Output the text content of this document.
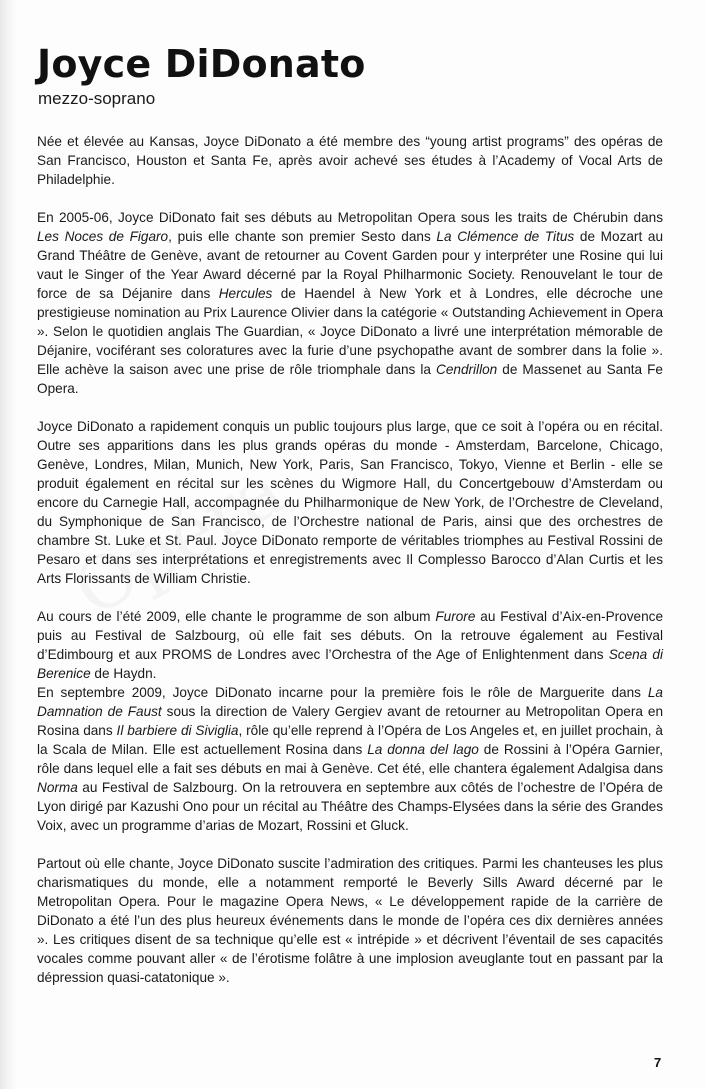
Joyce DiDonato
mezzo-soprano

Née et élevée au Kansas, Joyce DiDonato a été membre des “young artist programs” des opéras de San Francisco, Houston et Santa Fe, après avoir achevé ses études à l’Academy of Vocal Arts de Philadelphie.

En 2005-06, Joyce DiDonato fait ses débuts au Metropolitan Opera sous les traits de Chérubin dans Les Noces de Figaro, puis elle chante son premier Sesto dans La Clémence de Titus de Mozart au Grand Théâtre de Genève, avant de retourner au Covent Garden pour y interpréter une Rosine qui lui vaut le Singer of the Year Award décerné par la Royal Philharmonic Society. Renouvelant le tour de force de sa Déjanire dans Hercules de Haendel à New York et à Londres, elle décroche une prestigieuse nomination au Prix Laurence Olivier dans la catégorie « Outstanding Achievement in Opera ». Selon le quotidien anglais The Guardian, « Joyce DiDonato a livré une interprétation mémorable de Déjanire, vociférant ses coloratures avec la furie d’une psychopathe avant de sombrer dans la folie ». Elle achève la saison avec une prise de rôle triomphale dans la Cendrillon de Massenet au Santa Fe Opera.

Joyce DiDonato a rapidement conquis un public toujours plus large, que ce soit à l’opéra ou en récital. Outre ses apparitions dans les plus grands opéras du monde - Amsterdam, Barcelone, Chicago, Genève, Londres, Milan, Munich, New York, Paris, San Francisco, Tokyo, Vienne et Berlin - elle se produit également en récital sur les scènes du Wigmore Hall, du Concertgebouw d’Amsterdam ou encore du Carnegie Hall, accompagnée du Philharmonique de New York, de l’Orchestre de Cleveland, du Symphonique de San Francisco, de l’Orchestre national de Paris, ainsi que des orchestres de chambre St. Luke et St. Paul. Joyce DiDonato remporte de véritables triomphes au Festival Rossini de Pesaro et dans ses interprétations et enregistrements avec Il Complesso Barocco d’Alan Curtis et les Arts Florissants de William Christie.

Au cours de l’été 2009, elle chante le programme de son album Furore au Festival d’Aix-en-Provence puis au Festival de Salzbourg, où elle fait ses débuts. On la retrouve également au Festival d’Edimbourg et aux PROMS de Londres avec l’Orchestra of the Age of Enlightenment dans Scena di Berenice de Haydn.

En septembre 2009, Joyce DiDonato incarne pour la première fois le rôle de Marguerite dans La Damnation de Faust sous la direction de Valery Gergiev avant de retourner au Metropolitan Opera en Rosina dans Il barbiere di Siviglia, rôle qu’elle reprend à l’Opéra de Los Angeles et, en juillet prochain, à la Scala de Milan. Elle est actuellement Rosina dans La donna del lago de Rossini à l’Opéra Garnier, rôle dans lequel elle a fait ses débuts en mai à Genève. Cet été, elle chantera également Adalgisa dans Norma au Festival de Salzbourg. On la retrouvera en septembre aux côtés de l’ochestre de l’Opéra de Lyon dirigé par Kazushi Ono pour un récital au Théâtre des Champs-Elysées dans la série des Grandes Voix, avec un programme d’arias de Mozart, Rossini et Gluck.

Partout où elle chante, Joyce DiDonato suscite l’admiration des critiques. Parmi les chanteuses les plus charismatiques du monde, elle a notamment remporté le Beverly Sills Award décerné par le Metropolitan Opera. Pour le magazine Opera News, « Le développement rapide de la carrière de DiDonato a été l’un des plus heureux événements dans le monde de l’opéra ces dix dernières années ». Les critiques disent de sa technique qu’elle est « intrépide » et décrivent l’éventail de ses capacités vocales comme pouvant aller « de l’érotisme folâtre à une implosion aveuglante tout en passant par la dépression quasi-catatonique ».

7
